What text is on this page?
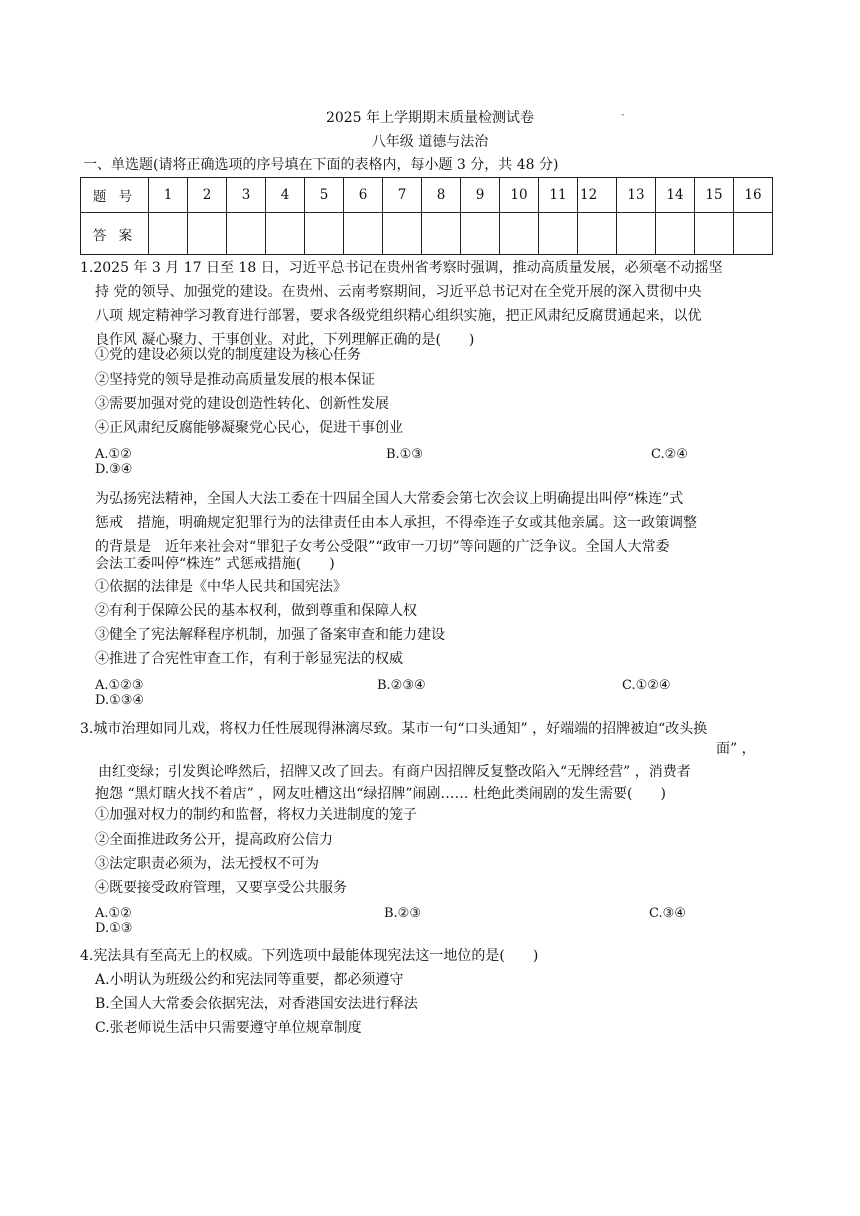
2025 年上学期期末质量检测试卷	·
八年级 道德与法治
一、单选题(请将正确选项的序号填在下面的表格内，每小题 3 分，共 48 分)
题 号	1	2	3	4	5	6	7	8	9	10	11	12	13	14	15	16
答 案																
1.2025 年 3 月 17 日至 18 日，习近平总书记在贵州省考察时强调，推动高质量发展，必须毫不动摇坚
持 党的领导、加强党的建设。在贵州、云南考察期间，习近平总书记对在全党开展的深入贯彻中央
八项 规定精神学习教育进行部署，要求各级党组织精心组织实施，把正风肃纪反腐贯通起来，以优
良作风 凝心聚力、干事创业。对此，下列理解正确的是(　　)
①党的建设必须以党的制度建设为核心任务
②坚持党的领导是推动高质量发展的根本保证
③需要加强对党的建设创造性转化、创新性发展
④正风肃纪反腐能够凝聚党心民心，促进干事创业
A.①②	B.①③	C.②④
D.③④
为弘扬宪法精神，全国人大法工委在十四届全国人大常委会第七次会议上明确提出叫停“株连”式
惩戒　措施，明确规定犯罪行为的法律责任由本人承担，不得牵连子女或其他亲属。这一政策调整
的背景是　近年来社会对“罪犯子女考公受限”“政审一刀切”等问题的广泛争议。全国人大常委
会法工委叫停“株连” 式惩戒措施(　　)
①依据的法律是《中华人民共和国宪法》
②有利于保障公民的基本权利，做到尊重和保障人权
③健全了宪法解释程序机制，加强了备案审查和能力建设
④推进了合宪性审查工作，有利于彰显宪法的权威
A.①②③	B.②③④	C.①②④
D.①③④
3.城市治理如同儿戏，将权力任性展现得淋漓尽致。某市一句“口头通知” ，好端端的招牌被迫“改头换
面” ，
由红变绿；引发舆论哗然后，招牌又改了回去。有商户因招牌反复整改陷入“无牌经营” ，消费者
抱怨 “黑灯瞎火找不着店” ，网友吐槽这出“绿招牌”闹剧…… 杜绝此类闹剧的发生需要(　　)
①加强对权力的制约和监督，将权力关进制度的笼子
②全面推进政务公开，提高政府公信力
③法定职责必须为，法无授权不可为
④既要接受政府管理，又要享受公共服务
A.①②	B.②③	C.③④
D.①③
4.宪法具有至高无上的权威。下列选项中最能体现宪法这一地位的是(　　)
A.小明认为班级公约和宪法同等重要，都必须遵守
B.全国人大常委会依据宪法，对香港国安法进行释法
C.张老师说生活中只需要遵守单位规章制度
